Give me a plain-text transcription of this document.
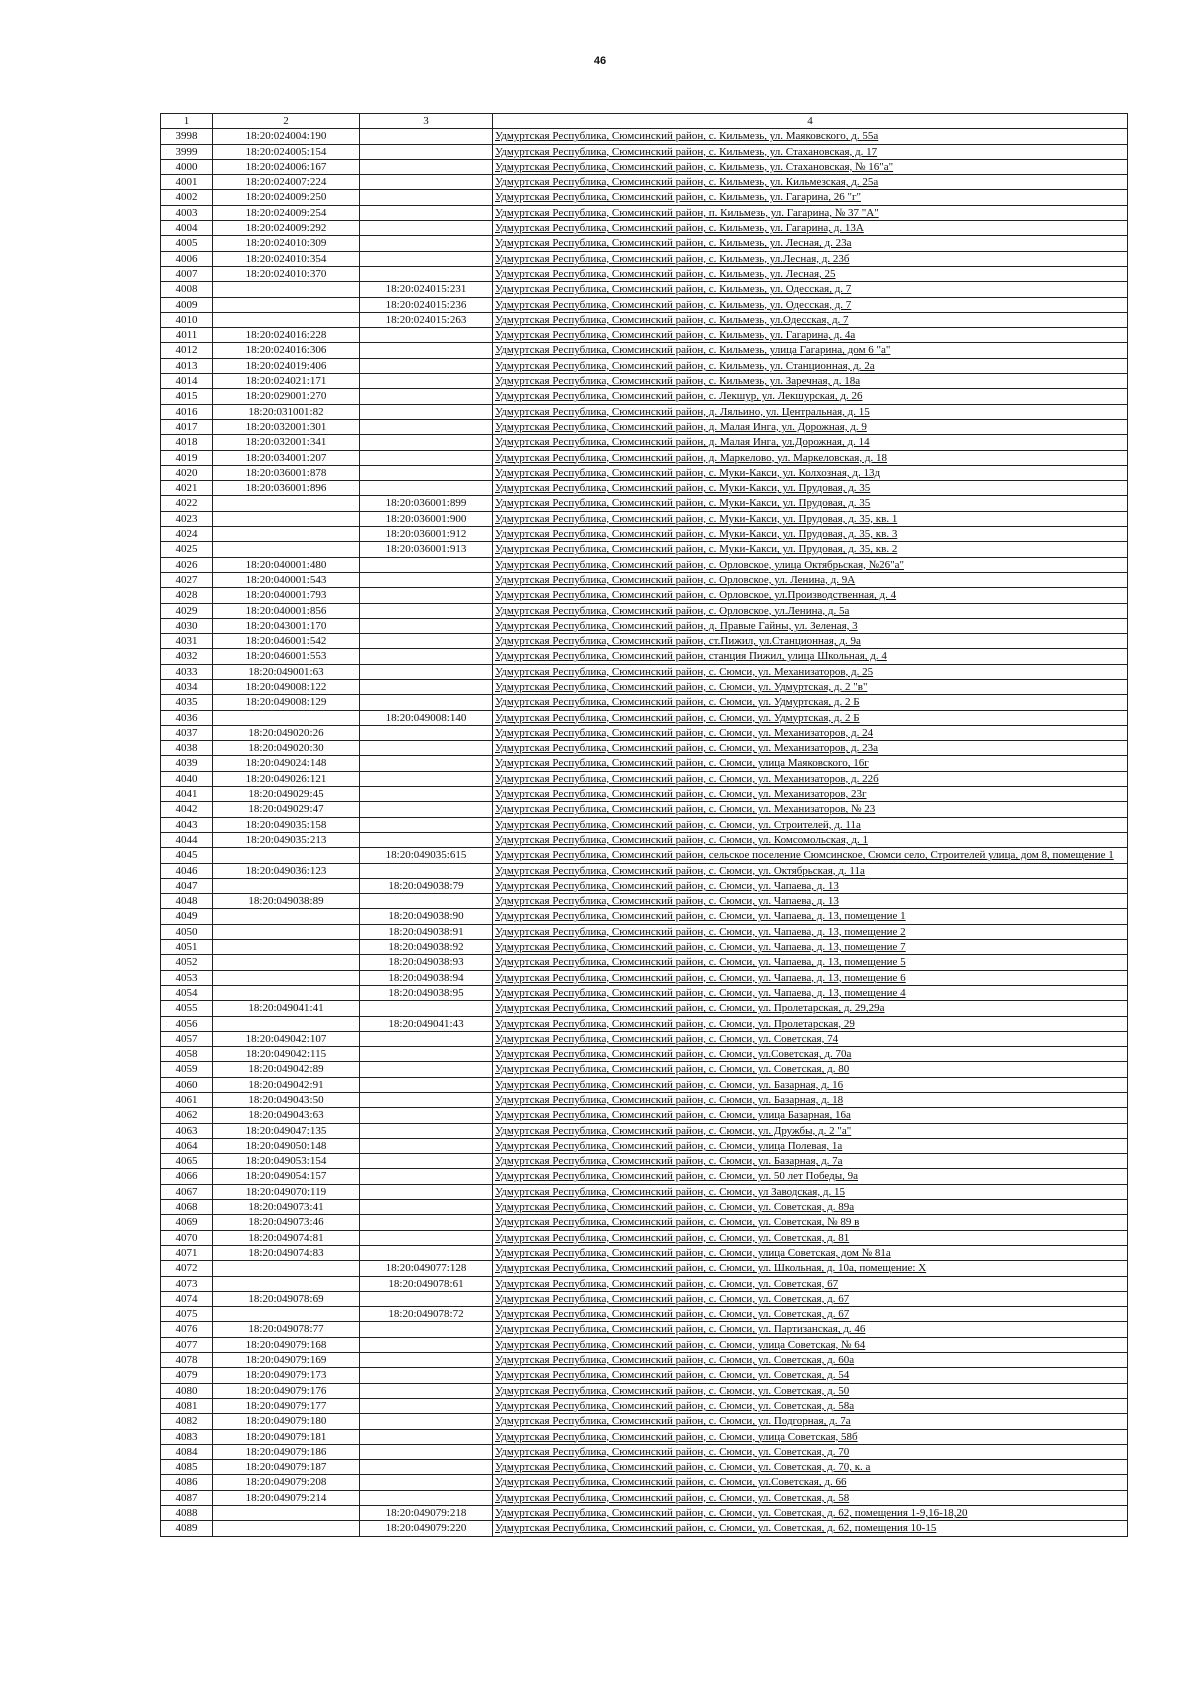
46
1	2	3	4
3998	18:20:024004:190		Удмуртская Республика, Сюмсинский район, с. Кильмезь, ул. Маяковского, д. 55а
3999	18:20:024005:154		Удмуртская Республика, Сюмсинский район, с. Кильмезь, ул. Стахановская, д. 17
4000	18:20:024006:167		Удмуртская Республика, Сюмсинский район, с. Кильмезь, ул. Стахановская, № 16"а"
4001	18:20:024007:224		Удмуртская Республика, Сюмсинский район, с. Кильмезь, ул. Кильмезская, д. 25а
4002	18:20:024009:250		Удмуртская Республика, Сюмсинский район, с. Кильмезь, ул. Гагарина, 26 "г"
4003	18:20:024009:254		Удмуртская Республика, Сюмсинский район, п. Кильмезь, ул. Гагарина, № 37 "А"
4004	18:20:024009:292		Удмуртская Республика, Сюмсинский район, с. Кильмезь, ул. Гагарина, д. 13А
4005	18:20:024010:309		Удмуртская Республика, Сюмсинский район, с. Кильмезь, ул. Лесная, д. 23а
4006	18:20:024010:354		Удмуртская Республика, Сюмсинский район, с. Кильмезь, ул.Лесная, д. 23б
4007	18:20:024010:370		Удмуртская Республика, Сюмсинский район, с. Кильмезь, ул. Лесная, 25
4008		18:20:024015:231	Удмуртская Республика, Сюмсинский район, с. Кильмезь, ул. Одесская, д. 7
4009		18:20:024015:236	Удмуртская Республика, Сюмсинский район, с. Кильмезь, ул. Одесская, д. 7
4010		18:20:024015:263	Удмуртская Республика, Сюмсинский район, с. Кильмезь, ул.Одесская, д. 7
4011	18:20:024016:228		Удмуртская Республика, Сюмсинский район, с. Кильмезь, ул. Гагарина, д. 4а
4012	18:20:024016:306		Удмуртская Республика, Сюмсинский район, с. Кильмезь, улица Гагарина, дом 6 "а"
4013	18:20:024019:406		Удмуртская Республика, Сюмсинский район, с. Кильмезь, ул. Станционная, д. 2а
4014	18:20:024021:171		Удмуртская Республика, Сюмсинский район, с. Кильмезь, ул. Заречная, д. 18а
4015	18:20:029001:270		Удмуртская Республика, Сюмсинский район, с. Лекшур, ул. Лекшурская, д. 26
4016	18:20:031001:82		Удмуртская Республика, Сюмсинский район, д. Ляльино, ул. Центральная, д. 15
4017	18:20:032001:301		Удмуртская Республика, Сюмсинский район, д. Малая Инга, ул. Дорожная, д. 9
4018	18:20:032001:341		Удмуртская Республика, Сюмсинский район, д. Малая Инга, ул.Дорожная, д. 14
4019	18:20:034001:207		Удмуртская Республика, Сюмсинский район, д. Маркелово, ул. Маркеловская, д. 18
4020	18:20:036001:878		Удмуртская Республика, Сюмсинский район, с. Муки-Какси, ул. Колхозная, д. 13д
4021	18:20:036001:896		Удмуртская Республика, Сюмсинский район, с. Муки-Какси, ул. Прудовая, д. 35
4022		18:20:036001:899	Удмуртская Республика, Сюмсинский район, с. Муки-Какси, ул. Прудовая, д. 35
4023		18:20:036001:900	Удмуртская Республика, Сюмсинский район, с. Муки-Какси, ул. Прудовая, д. 35, кв. 1
4024		18:20:036001:912	Удмуртская Республика, Сюмсинский район, с. Муки-Какси, ул. Прудовая, д. 35, кв. 3
4025		18:20:036001:913	Удмуртская Республика, Сюмсинский район, с. Муки-Какси, ул. Прудовая, д. 35, кв. 2
4026	18:20:040001:480		Удмуртская Республика, Сюмсинский район, с. Орловское, улица Октябрьская, №26"а"
4027	18:20:040001:543		Удмуртская Республика, Сюмсинский район, с. Орловское, ул. Ленина, д. 9А
4028	18:20:040001:793		Удмуртская Республика, Сюмсинский район, с. Орловское, ул.Производственная, д. 4
4029	18:20:040001:856		Удмуртская Республика, Сюмсинский район, с. Орловское, ул.Ленина, д. 5а
4030	18:20:043001:170		Удмуртская Республика, Сюмсинский район, д. Правые Гайны, ул. Зеленая, 3
4031	18:20:046001:542		Удмуртская Республика, Сюмсинский район, ст.Пижил, ул.Станционная, д. 9а
4032	18:20:046001:553		Удмуртская Республика, Сюмсинский район, станция Пижил, улица Школьная, д. 4
4033	18:20:049001:63		Удмуртская Республика, Сюмсинский район, с. Сюмси, ул. Механизаторов, д. 25
4034	18:20:049008:122		Удмуртская Республика, Сюмсинский район, с. Сюмси, ул. Удмуртская, д. 2 "в"
4035	18:20:049008:129		Удмуртская Республика, Сюмсинский район, с. Сюмси, ул. Удмуртская, д. 2 Б
4036		18:20:049008:140	Удмуртская Республика, Сюмсинский район, с. Сюмси, ул. Удмуртская, д. 2 Б
4037	18:20:049020:26		Удмуртская Республика, Сюмсинский район, с. Сюмси, ул. Механизаторов, д. 24
4038	18:20:049020:30		Удмуртская Республика, Сюмсинский район, с. Сюмси, ул. Механизаторов, д. 23а
4039	18:20:049024:148		Удмуртская Республика, Сюмсинский район, с. Сюмси, улица Маяковского, 16г
4040	18:20:049026:121		Удмуртская Республика, Сюмсинский район, с. Сюмси, ул. Механизаторов, д. 22б
4041	18:20:049029:45		Удмуртская Республика, Сюмсинский район, с. Сюмси, ул. Механизаторов, 23г
4042	18:20:049029:47		Удмуртская Республика, Сюмсинский район, с. Сюмси, ул. Механизаторов, № 23
4043	18:20:049035:158		Удмуртская Республика, Сюмсинский район, с. Сюмси, ул. Строителей, д. 11а
4044	18:20:049035:213		Удмуртская Республика, Сюмсинский район, с. Сюмси, ул. Комсомольская, д. 1
4045		18:20:049035:615	Удмуртская Республика, Сюмсинский район, сельское поселение Сюмсинское, Сюмси село, Строителей улица, дом 8, помещение 1
4046	18:20:049036:123		Удмуртская Республика, Сюмсинский район, с. Сюмси, ул. Октябрьская, д. 11а
4047		18:20:049038:79	Удмуртская Республика, Сюмсинский район, с. Сюмси, ул. Чапаева, д. 13
4048	18:20:049038:89		Удмуртская Республика, Сюмсинский район, с. Сюмси, ул. Чапаева, д. 13
4049		18:20:049038:90	Удмуртская Республика, Сюмсинский район, с. Сюмси, ул. Чапаева, д. 13, помещение 1
4050		18:20:049038:91	Удмуртская Республика, Сюмсинский район, с. Сюмси, ул. Чапаева, д. 13, помещение 2
4051		18:20:049038:92	Удмуртская Республика, Сюмсинский район, с. Сюмси, ул. Чапаева, д. 13, помещение 7
4052		18:20:049038:93	Удмуртская Республика, Сюмсинский район, с. Сюмси, ул. Чапаева, д. 13, помещение 5
4053		18:20:049038:94	Удмуртская Республика, Сюмсинский район, с. Сюмси, ул. Чапаева, д. 13, помещение 6
4054		18:20:049038:95	Удмуртская Республика, Сюмсинский район, с. Сюмси, ул. Чапаева, д. 13, помещение 4
4055	18:20:049041:41		Удмуртская Республика, Сюмсинский район, с. Сюмси, ул. Пролетарская, д. 29,29а
4056		18:20:049041:43	Удмуртская Республика, Сюмсинский район, с. Сюмси, ул. Пролетарская, 29
4057	18:20:049042:107		Удмуртская Республика, Сюмсинский район, с. Сюмси, ул. Советская, 74
4058	18:20:049042:115		Удмуртская Республика, Сюмсинский район, с. Сюмси, ул.Советская, д. 70а
4059	18:20:049042:89		Удмуртская Республика, Сюмсинский район, с. Сюмси, ул. Советская, д. 80
4060	18:20:049042:91		Удмуртская Республика, Сюмсинский район, с. Сюмси, ул. Базарная, д. 16
4061	18:20:049043:50		Удмуртская Республика, Сюмсинский район, с. Сюмси, ул. Базарная, д. 18
4062	18:20:049043:63		Удмуртская Республика, Сюмсинский район, с. Сюмси, улица Базарная, 16а
4063	18:20:049047:135		Удмуртская Республика, Сюмсинский район, с. Сюмси, ул. Дружбы, д. 2 "а"
4064	18:20:049050:148		Удмуртская Республика, Сюмсинский район, с. Сюмси, улица Полевая, 1а
4065	18:20:049053:154		Удмуртская Республика, Сюмсинский район, с. Сюмси, ул. Базарная, д. 7а
4066	18:20:049054:157		Удмуртская Республика, Сюмсинский район, с. Сюмси, ул. 50 лет Победы, 9а
4067	18:20:049070:119		Удмуртская Республика, Сюмсинский район, с. Сюмси, ул Заводская, д. 15
4068	18:20:049073:41		Удмуртская Республика, Сюмсинский район, с. Сюмси, ул. Советская, д. 89а
4069	18:20:049073:46		Удмуртская Республика, Сюмсинский район, с. Сюмси, ул. Советская, № 89 в
4070	18:20:049074:81		Удмуртская Республика, Сюмсинский район, с. Сюмси, ул. Советская, д. 81
4071	18:20:049074:83		Удмуртская Республика, Сюмсинский район, с. Сюмси, улица Советская, дом № 81а
4072		18:20:049077:128	Удмуртская Республика, Сюмсинский район, с. Сюмси, ул. Школьная, д. 10а, помещение: X
4073		18:20:049078:61	Удмуртская Республика, Сюмсинский район, с. Сюмси, ул. Советская, 67
4074	18:20:049078:69		Удмуртская Республика, Сюмсинский район, с. Сюмси, ул. Советская, д. 67
4075		18:20:049078:72	Удмуртская Республика, Сюмсинский район, с. Сюмси, ул. Советская, д. 67
4076	18:20:049078:77		Удмуртская Республика, Сюмсинский район, с. Сюмси, ул. Партизанская, д. 46
4077	18:20:049079:168		Удмуртская Республика, Сюмсинский район, с. Сюмси, улица Советская, № 64
4078	18:20:049079:169		Удмуртская Республика, Сюмсинский район, с. Сюмси, ул. Советская, д. 60а
4079	18:20:049079:173		Удмуртская Республика, Сюмсинский район, с. Сюмси, ул. Советская, д. 54
4080	18:20:049079:176		Удмуртская Республика, Сюмсинский район, с. Сюмси, ул. Советская, д. 50
4081	18:20:049079:177		Удмуртская Республика, Сюмсинский район, с. Сюмси, ул. Советская, д. 58а
4082	18:20:049079:180		Удмуртская Республика, Сюмсинский район, с. Сюмси, ул. Подгорная, д. 7а
4083	18:20:049079:181		Удмуртская Республика, Сюмсинский район, с. Сюмси, улица Советская, 58б
4084	18:20:049079:186		Удмуртская Республика, Сюмсинский район, с. Сюмси, ул. Советская, д. 70
4085	18:20:049079:187		Удмуртская Республика, Сюмсинский район, с. Сюмси, ул. Советская, д. 70, к. а
4086	18:20:049079:208		Удмуртская Республика, Сюмсинский район, с. Сюмси, ул.Советская, д. 66
4087	18:20:049079:214		Удмуртская Республика, Сюмсинский район, с. Сюмси, ул. Советская, д. 58
4088		18:20:049079:218	Удмуртская Республика, Сюмсинский район, с. Сюмси, ул. Советская, д. 62, помещения 1-9,16-18,20
4089		18:20:049079:220	Удмуртская Республика, Сюмсинский район, с. Сюмси, ул. Советская, д. 62, помещения 10-15
